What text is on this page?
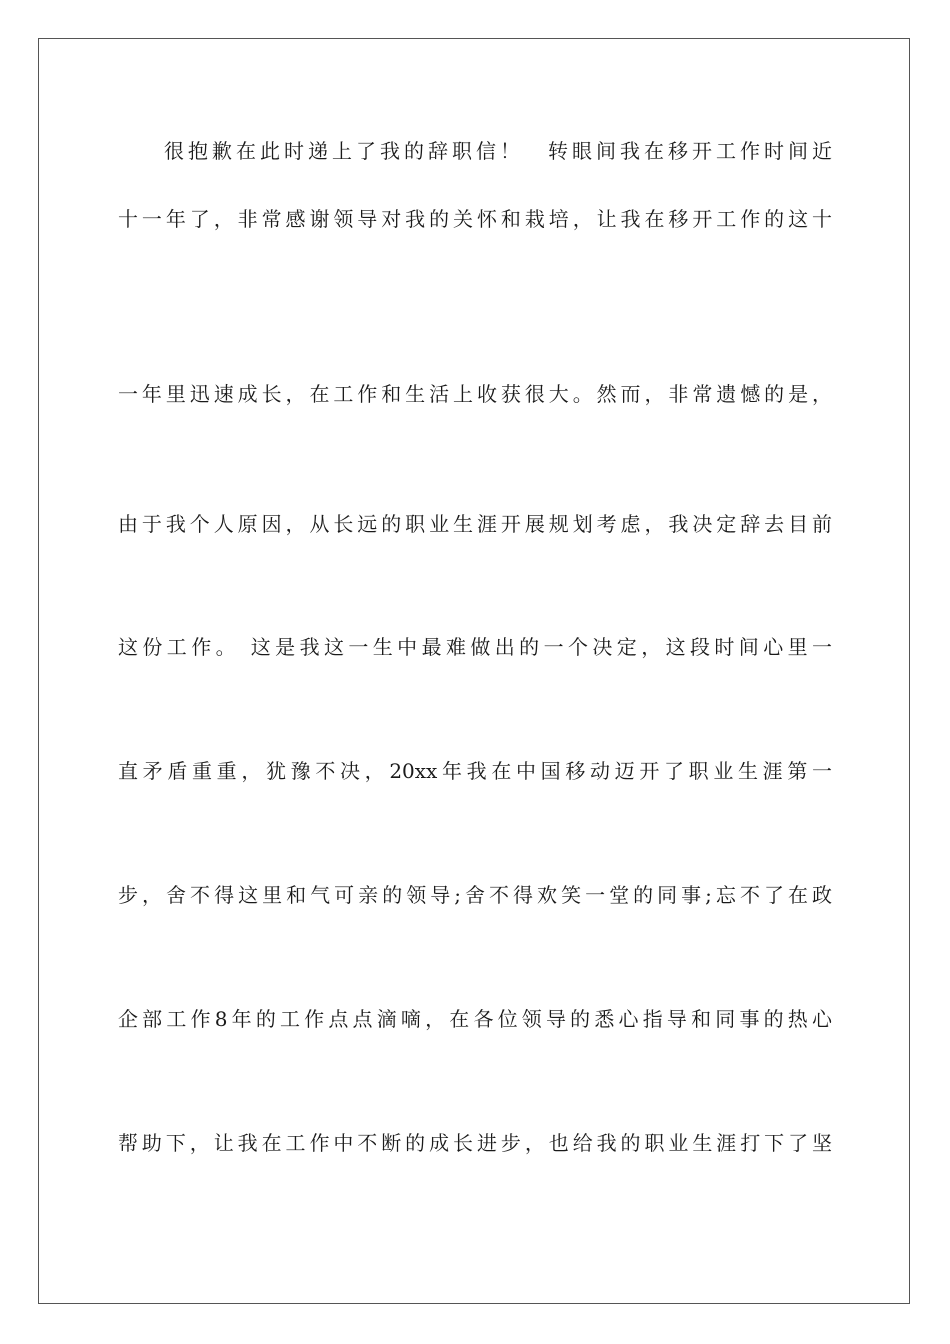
很抱歉在此时递上了我的辞职信！　转眼间我在移开工作时间近
十一年了，非常感谢领导对我的关怀和栽培，让我在移开工作的这十
一年里迅速成长，在工作和生活上收获很大。然而，非常遗憾的是，
由于我个人原因，从长远的职业生涯开展规划考虑，我决定辞去目前
这份工作。 这是我这一生中最难做出的一个决定，这段时间心里一
直矛盾重重，犹豫不决，20xx年我在中国移动迈开了职业生涯第一
步，舍不得这里和气可亲的领导;舍不得欢笑一堂的同事;忘不了在政
企部工作8年的工作点点滴嘀，在各位领导的悉心指导和同事的热心
帮助下，让我在工作中不断的成长进步，也给我的职业生涯打下了坚
